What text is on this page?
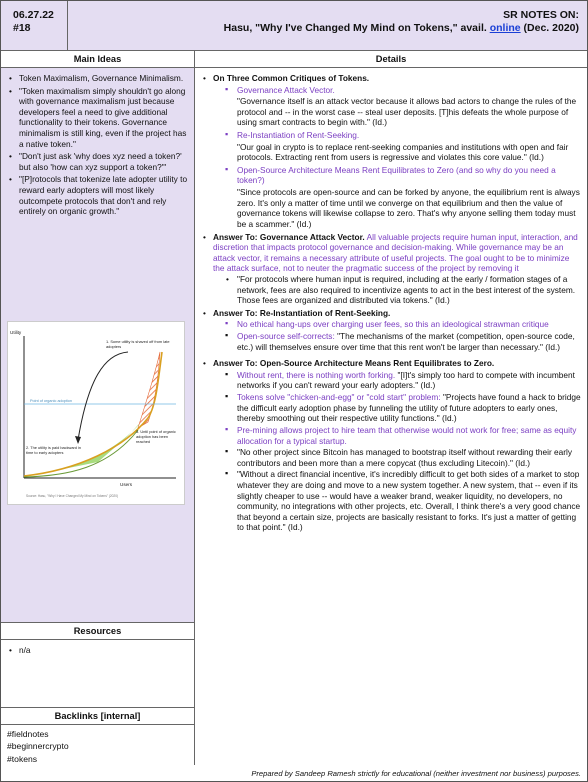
06.27.22
#18
SR NOTES ON:
Hasu, "Why I've Changed My Mind on Tokens," avail. online (Dec. 2020)
Main Ideas
• Token Maximalism, Governance Minimalism.
• "Token maximalism simply shouldn't go along with governance maximalism just because developers feel a need to give additional functionality to their tokens. Governance minimalism is still king, even if the project has a native token."
• "Don't just ask 'why does xyz need a token?' but also 'how can xyz support a token?'"
• "[P]rotocols that tokenize late adopter utility to reward early adopters will most likely outcompete protocols that don't and rely entirely on organic growth."
Utility
Users
Point of organic adoption
1. Some utility is shaved off from late adopters
3. Until point of organic adoption has been reached
2. The utility is paid backward in time to early adopters
Source: Hasu, "Why I Have Changed My Mind on Tokens" (2020)
Resources
• n/a
Backlinks [internal]
#fieldnotes
#beginnercrypto
#tokens
Details
• On Three Common Critiques of Tokens.
▪ Governance Attack Vector.
"Governance itself is an attack vector because it allows bad actors to change the rules of the protocol and -- in the worst case -- steal user deposits. [T]his defeats the whole purpose of using smart contracts to begin with." (Id.)
▪ Re-Instantiation of Rent-Seeking.
"Our goal in crypto is to replace rent-seeking companies and institutions with open and fair protocols. Extracting rent from users is regressive and violates this core value." (Id.)
▪ Open-Source Architecture Means Rent Equilibrates to Zero (and so why do you need a token?)
"Since protocols are open-source and can be forked by anyone, the equilibrium rent is always zero. It's only a matter of time until we converge on that equilibrium and then the value of governance tokens will likewise collapse to zero. That's why anyone selling them today must be a scammer." (Id.)
• Answer To: Governance Attack Vector. All valuable projects require human input, interaction, and discretion that impacts protocol governance and decision-making. While governance may be an attack vector, it remains a necessary attribute of useful projects. The goal ought to be to minimize the attack surface, not to neuter the pragmatic success of the project by removing it
• "For protocols where human input is required, including at the early / formation stages of a network, fees are also required to incentivize agents to act in the best interest of the system. Those fees are organized and distributed via tokens." (Id.)
• Answer To: Re-Instantiation of Rent-Seeking.
▪ No ethical hang-ups over charging user fees, so this an ideological strawman critique
▪ Open-source self-corrects: "The mechanisms of the market (competition, open-source code, etc.) will themselves ensure over time that this rent won't be larger than necessary." (Id.)
• Answer To: Open-Source Architecture Means Rent Equilibrates to Zero.
▪ Without rent, there is nothing worth forking. "[I]t's simply too hard to compete with incumbent networks if you can't reward your early adopters." (Id.)
▪ Tokens solve "chicken-and-egg" or "cold start" problem: "Projects have found a hack to bridge the difficult early adoption phase by funneling the utility of future adopters to early ones, thereby smoothing out their respective utility functions." (Id.)
▪ Pre-mining allows project to hire team that otherwise would not work for free; same as equity allocation for a typical startup.
▪ "No other project since Bitcoin has managed to bootstrap itself without rewarding their early contributors and been more than a mere copycat (thus excluding Litecoin)." (Id.)
▪ "Without a direct financial incentive, it's incredibly difficult to get both sides of a market to stop whatever they are doing and move to a new system together. A new system, that -- even if its slightly cheaper to use -- would have a weaker brand, weaker liquidity, no developers, no community, no integrations with other projects, etc. Overall, I think there's a very good chance that beyond a certain size, projects are basically resistant to forks. It's just a matter of getting to that point." (Id.)
Prepared by Sandeep Ramesh strictly for educational (neither investment nor business) purposes.
